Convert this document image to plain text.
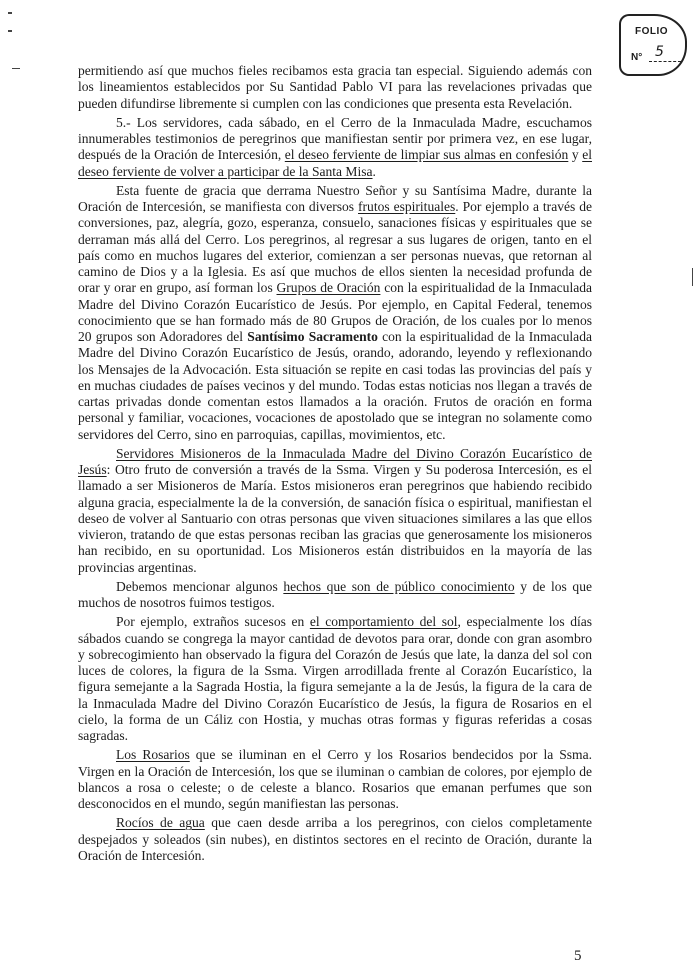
FOLIO
N° 5

permitiendo así que muchos fieles recibamos esta gracia tan especial. Siguiendo además con los lineamientos establecidos por Su Santidad Pablo VI para las revelaciones privadas que pueden difundirse libremente si cumplen con las condiciones que presenta esta Revelación.

5.- Los servidores, cada sábado, en el Cerro de la Inmaculada Madre, escuchamos innumerables testimonios de peregrinos que manifiestan sentir por primera vez, en ese lugar, después de la Oración de Intercesión, el deseo ferviente de limpiar sus almas en confesión y el deseo ferviente de volver a participar de la Santa Misa.

Esta fuente de gracia que derrama Nuestro Señor y su Santísima Madre, durante la Oración de Intercesión, se manifiesta con diversos frutos espirituales. Por ejemplo a través de conversiones, paz, alegría, gozo, esperanza, consuelo, sanaciones físicas y espirituales que se derraman más allá del Cerro. Los peregrinos, al regresar a sus lugares de origen, tanto en el país como en muchos lugares del exterior, comienzan a ser personas nuevas, que retornan al camino de Dios y a la Iglesia. Es así que muchos de ellos sienten la necesidad profunda de orar y orar en grupo, así forman los Grupos de Oración con la espiritualidad de la Inmaculada Madre del Divino Corazón Eucarístico de Jesús. Por ejemplo, en Capital Federal, tenemos conocimiento que se han formado más de 80 Grupos de Oración, de los cuales por lo menos 20 grupos son Adoradores del Santísimo Sacramento con la espiritualidad de la Inmaculada Madre del Divino Corazón Eucarístico de Jesús, orando, adorando, leyendo y reflexionando los Mensajes de la Advocación. Esta situación se repite en casi todas las provincias del país y en muchas ciudades de países vecinos y del mundo. Todas estas noticias nos llegan a través de cartas privadas donde comentan estos llamados a la oración. Frutos de oración en forma personal y familiar, vocaciones, vocaciones de apostolado que se integran no solamente como servidores del Cerro, sino en parroquias, capillas, movimientos, etc.

Servidores Misioneros de la Inmaculada Madre del Divino Corazón Eucarístico de Jesús: Otro fruto de conversión a través de la Ssma. Virgen y Su poderosa Intercesión, es el llamado a ser Misioneros de María. Estos misioneros eran peregrinos que habiendo recibido alguna gracia, especialmente la de la conversión, de sanación física o espiritual, manifiestan el deseo de volver al Santuario con otras personas que viven situaciones similares a las que ellos vivieron, tratando de que estas personas reciban las gracias que generosamente los misioneros han recibido, en su oportunidad. Los Misioneros están distribuidos en la mayoría de las provincias argentinas.

Debemos mencionar algunos hechos que son de público conocimiento y de los que muchos de nosotros fuimos testigos.

Por ejemplo, extraños sucesos en el comportamiento del sol, especialmente los días sábados cuando se congrega la mayor cantidad de devotos para orar, donde con gran asombro y sobrecogimiento han observado la figura del Corazón de Jesús que late, la danza del sol con luces de colores, la figura de la Ssma. Virgen arrodillada frente al Corazón Eucarístico, la figura semejante a la Sagrada Hostia, la figura semejante a la de Jesús, la figura de la cara de la Inmaculada Madre del Divino Corazón Eucarístico de Jesús, la figura de Rosarios en el cielo, la forma de un Cáliz con Hostia, y muchas otras formas y figuras referidas a cosas sagradas.

Los Rosarios que se iluminan en el Cerro y los Rosarios bendecidos por la Ssma. Virgen en la Oración de Intercesión, los que se iluminan o cambian de colores, por ejemplo de blancos a rosa o celeste; o de celeste a blanco. Rosarios que emanan perfumes que son desconocidos en el mundo, según manifiestan las personas.

Rocíos de agua que caen desde arriba a los peregrinos, con cielos completamente despejados y soleados (sin nubes), en distintos sectores en el recinto de Oración, durante la Oración de Intercesión.

5
